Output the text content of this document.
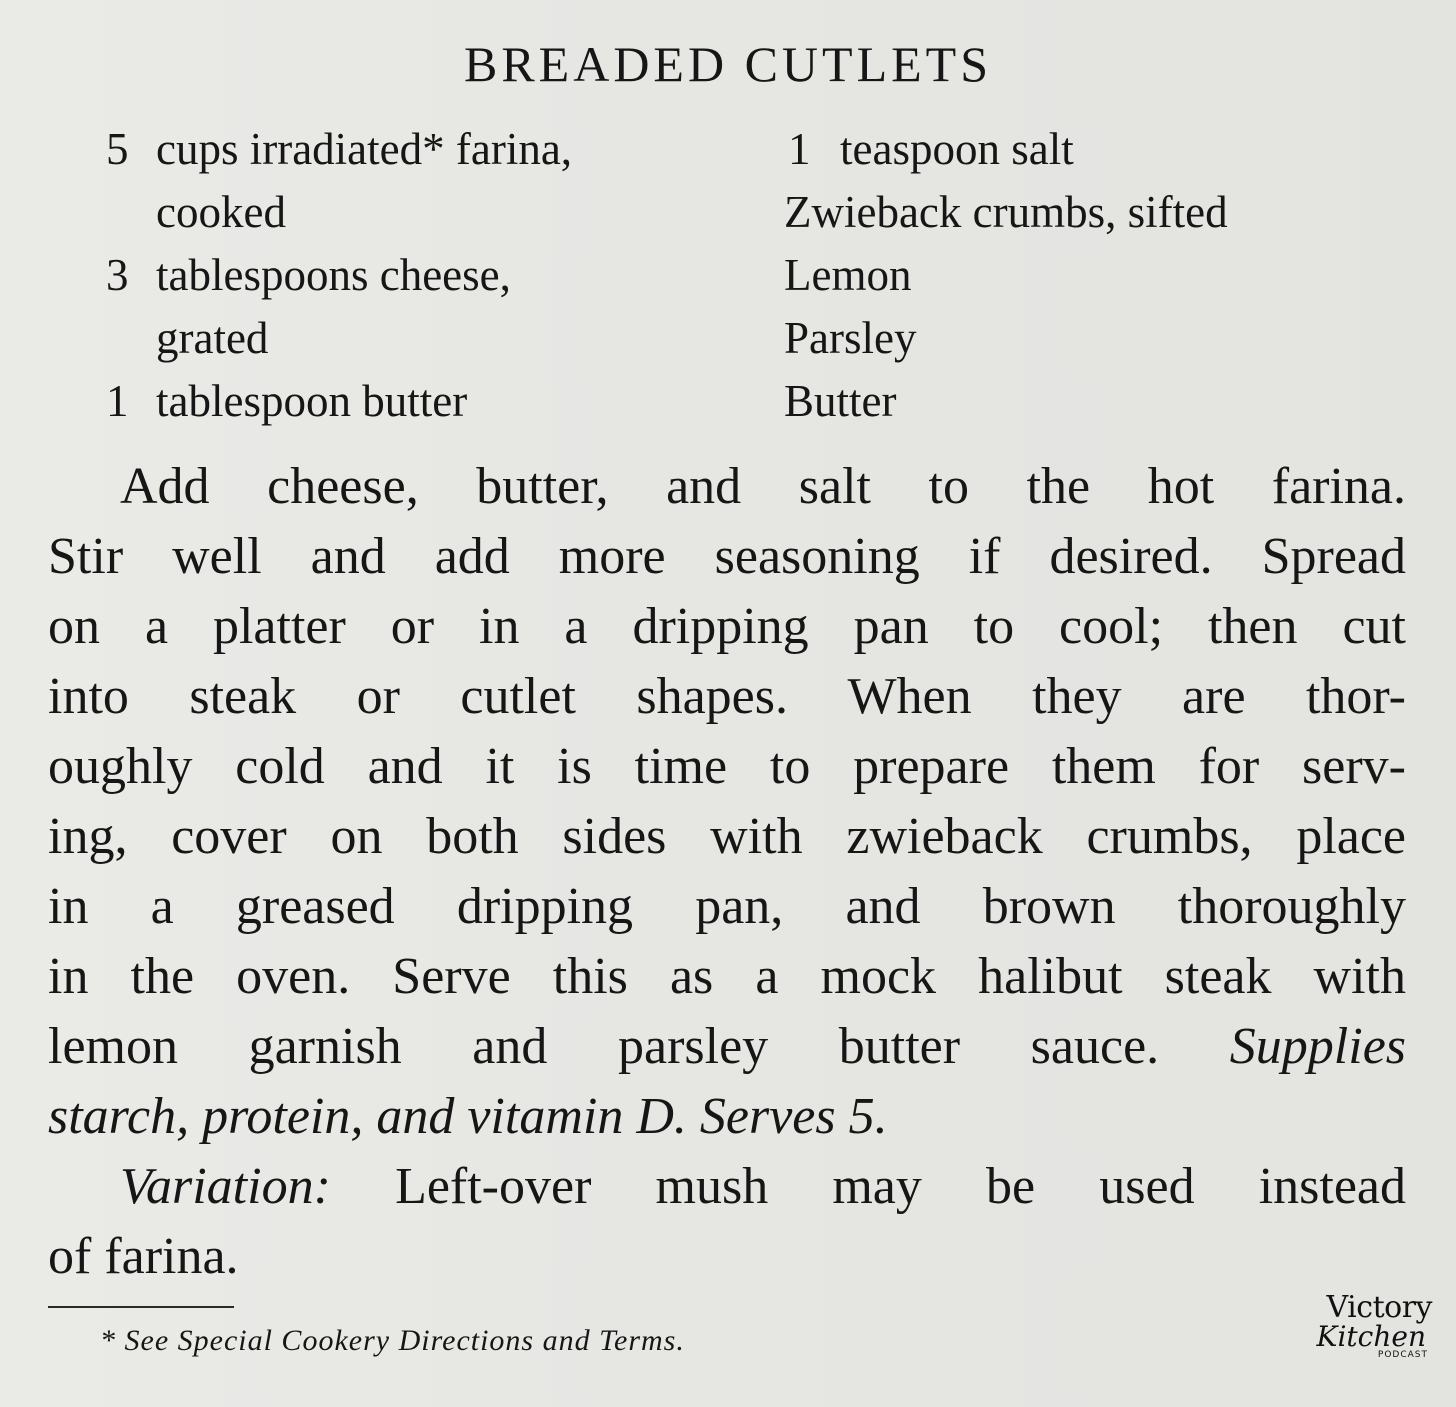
BREADED CUTLETS
5 cups irradiated* farina,
cooked
3 tablespoons cheese,
grated
1 tablespoon butter
1 teaspoon salt
Zwieback crumbs, sifted
Lemon
Parsley
Butter
Add cheese, butter, and salt to the hot farina.
Stir well and add more seasoning if desired. Spread
on a platter or in a dripping pan to cool; then cut
into steak or cutlet shapes. When they are thor-
oughly cold and it is time to prepare them for serv-
ing, cover on both sides with zwieback crumbs, place
in a greased dripping pan, and brown thoroughly
in the oven. Serve this as a mock halibut steak with
lemon garnish and parsley butter sauce. Supplies
starch, protein, and vitamin D. Serves 5.
Variation: Left-over mush may be used instead
of farina.
* See Special Cookery Directions and Terms.
Victory
Kitchen
PODCAST
